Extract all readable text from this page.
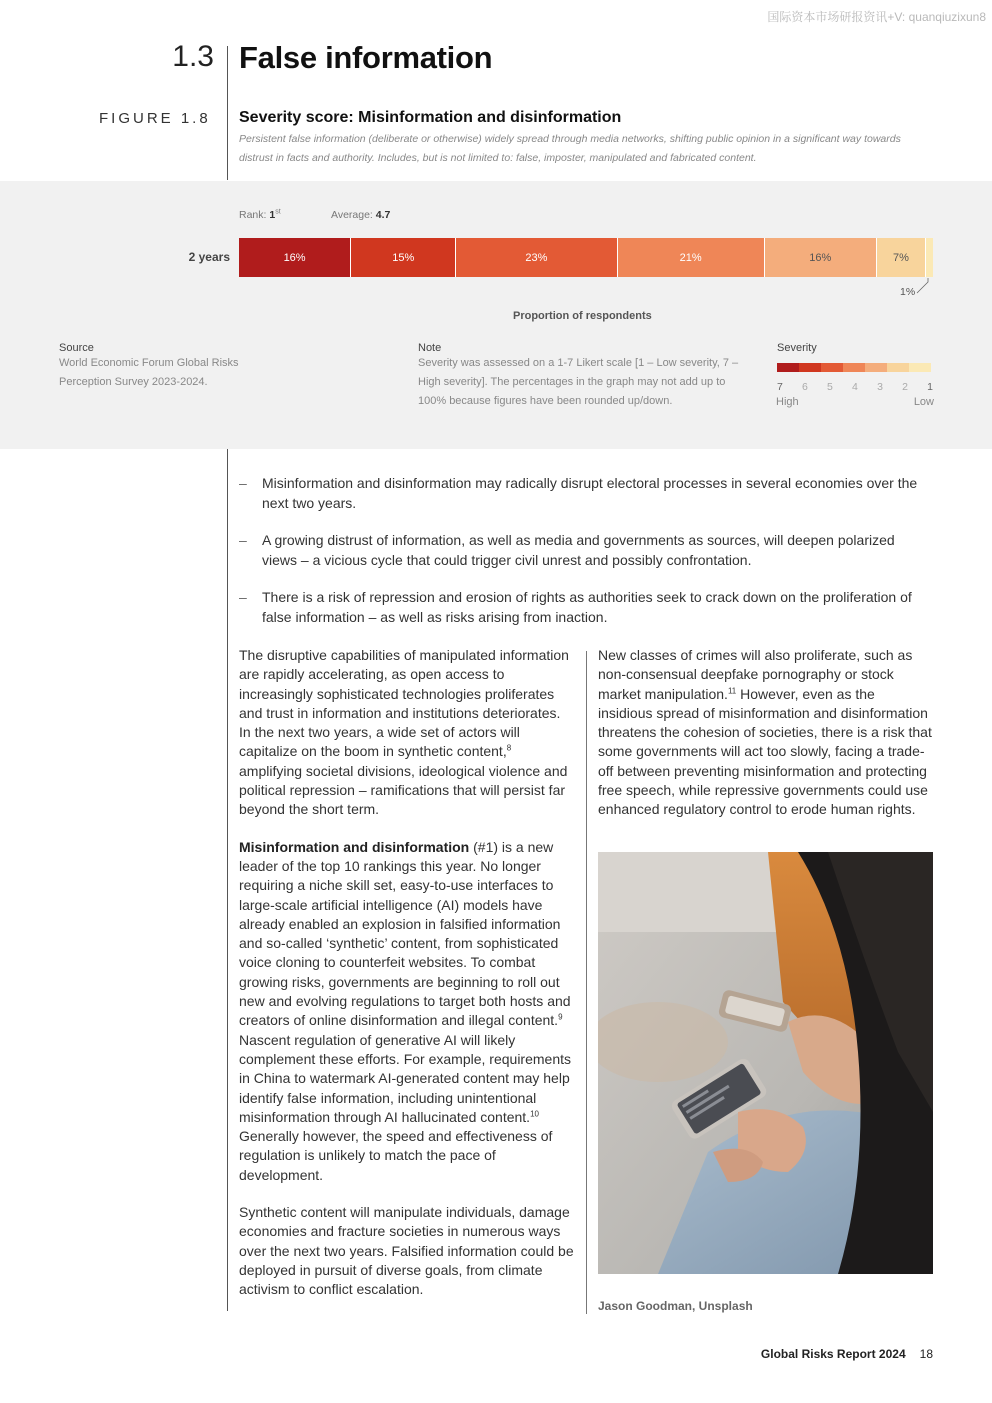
国际资本市场研报资讯+V: quanqiuzixun8
1.3 False information
FIGURE 1.8 Severity score: Misinformation and disinformation
Persistent false information (deliberate or otherwise) widely spread through media networks, shifting public opinion in a significant way towards distrust in facts and authority. Includes, but is not limited to: false, imposter, manipulated and fabricated content.
Rank: 1st	Average: 4.7
2 years	16%	15%	23%	21%	16%	7%
1%
Proportion of respondents
Source
World Economic Forum Global Risks Perception Survey 2023-2024.
Note
Severity was assessed on a 1-7 Likert scale [1 – Low severity, 7 – High severity]. The percentages in the graph may not add up to 100% because figures have been rounded up/down.
Severity
7 6 5 4 3 2 1
High	Low
–	Misinformation and disinformation may radically disrupt electoral processes in several economies over the next two years.
–	A growing distrust of information, as well as media and governments as sources, will deepen polarized views – a vicious cycle that could trigger civil unrest and possibly confrontation.
–	There is a risk of repression and erosion of rights as authorities seek to crack down on the proliferation of false information – as well as risks arising from inaction.

The disruptive capabilities of manipulated information are rapidly accelerating, as open access to increasingly sophisticated technologies proliferates and trust in information and institutions deteriorates. In the next two years, a wide set of actors will capitalize on the boom in synthetic content,$^8$ amplifying societal divisions, ideological violence and political repression – ramifications that will persist far beyond the short term.

Misinformation and disinformation (#1) is a new leader of the top 10 rankings this year. No longer requiring a niche skill set, easy-to-use interfaces to large-scale artificial intelligence (AI) models have already enabled an explosion in falsified information and so-called ‘synthetic’ content, from sophisticated voice cloning to counterfeit websites. To combat growing risks, governments are beginning to roll out new and evolving regulations to target both hosts and creators of online disinformation and illegal content.$^9$ Nascent regulation of generative AI will likely complement these efforts. For example, requirements in China to watermark AI-generated content may help identify false information, including unintentional misinformation through AI hallucinated content.$^{10}$ Generally however, the speed and effectiveness of regulation is unlikely to match the pace of development.

Synthetic content will manipulate individuals, damage economies and fracture societies in numerous ways over the next two years. Falsified information could be deployed in pursuit of diverse goals, from climate activism to conflict escalation.

New classes of crimes will also proliferate, such as non-consensual deepfake pornography or stock market manipulation.$^{11}$ However, even as the insidious spread of misinformation and disinformation threatens the cohesion of societies, there is a risk that some governments will act too slowly, facing a trade-off between preventing misinformation and protecting free speech, while repressive governments could use enhanced regulatory control to erode human rights.

Jason Goodman, Unsplash
Global Risks Report 2024 18
